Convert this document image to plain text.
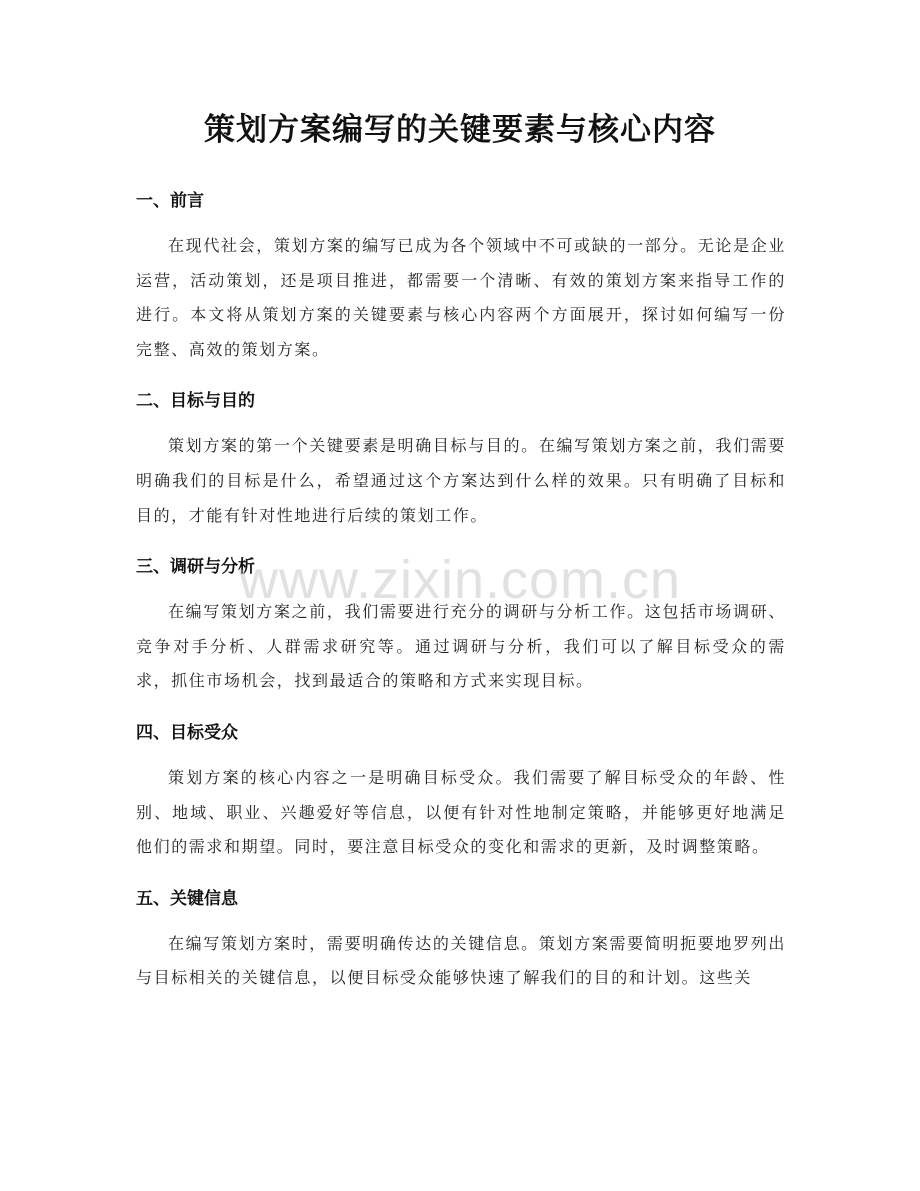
策划方案编写的关键要素与核心内容
一、前言

在现代社会，策划方案的编写已成为各个领域中不可或缺的一部分。无论是企业运营，活动策划，还是项目推进，都需要一个清晰、有效的策划方案来指导工作的进行。本文将从策划方案的关键要素与核心内容两个方面展开，探讨如何编写一份完整、高效的策划方案。

二、目标与目的

策划方案的第一个关键要素是明确目标与目的。在编写策划方案之前，我们需要明确我们的目标是什么，希望通过这个方案达到什么样的效果。只有明确了目标和目的，才能有针对性地进行后续的策划工作。

三、调研与分析

在编写策划方案之前，我们需要进行充分的调研与分析工作。这包括市场调研、竞争对手分析、人群需求研究等。通过调研与分析，我们可以了解目标受众的需求，抓住市场机会，找到最适合的策略和方式来实现目标。

四、目标受众

策划方案的核心内容之一是明确目标受众。我们需要了解目标受众的年龄、性别、地域、职业、兴趣爱好等信息，以便有针对性地制定策略，并能够更好地满足他们的需求和期望。同时，要注意目标受众的变化和需求的更新，及时调整策略。

五、关键信息

在编写策划方案时，需要明确传达的关键信息。策划方案需要简明扼要地罗列出与目标相关的关键信息，以便目标受众能够快速了解我们的目的和计划。这些关

www.zixin.com.cn
